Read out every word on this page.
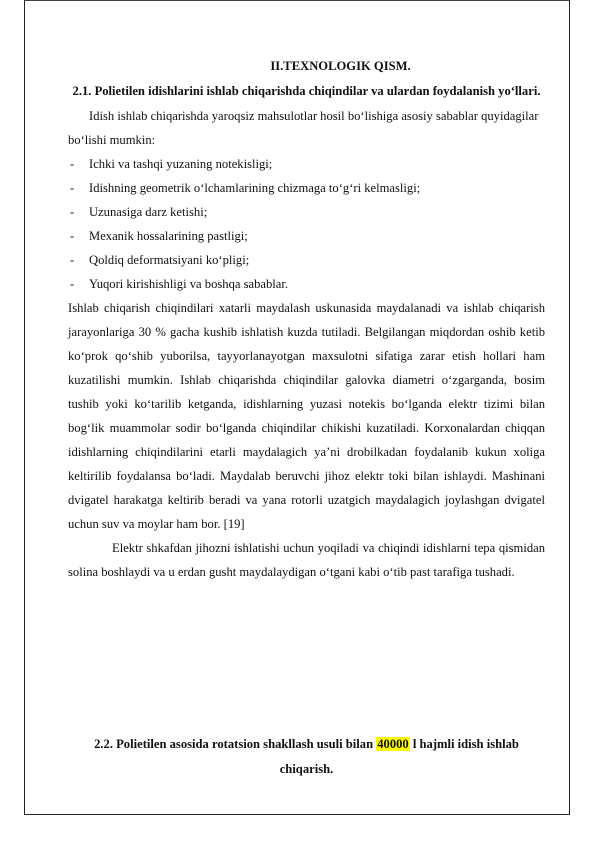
II.TEXNOLOGIK QISM.

2.1. Polietilen idishlarini ishlab chiqarishda chiqindilar va ulardan foydalanish yo‘llari.

Idish ishlab chiqarishda yaroqsiz mahsulotlar hosil bo‘lishiga asosiy sabablar quyidagilar bo‘lishi mumkin:

- Ichki va tashqi yuzaning notekisligi;
- Idishning geometrik o‘lchamlarining chizmaga to‘g‘ri kelmasligi;
- Uzunasiga darz ketishi;
- Mexanik hossalarining pastligi;
- Qoldiq deformatsiyani ko‘pligi;
- Yuqori kirishishligi va boshqa sabablar.

Ishlab chiqarish chiqindilari xatarli maydalash uskunasida maydalanadi va ishlab chiqarish jarayonlariga 30 % gacha kushib ishlatish kuzda tutiladi. Belgilangan miqdordan oshib ketib ko‘prok qo‘shib yuborilsa, tayyorlanayotgan maxsulotni sifatiga zarar etish hollari ham kuzatilishi mumkin. Ishlab chiqarishda chiqindilar galovka diametri o‘zgarganda, bosim tushib yoki ko‘tarilib ketganda, idishlarning yuzasi notekis bo‘lganda elektr tizimi bilan bog‘lik muammolar sodir bo‘lganda chiqindilar chikishi kuzatiladi. Korxonalardan chiqqan idishlarning chiqindilarini etarli maydalagich ya’ni drobilkadan foydalanib kukun xoliga keltirilib foydalansa bo‘ladi. Maydalab beruvchi jihoz elektr toki bilan ishlaydi. Mashinani dvigatel harakatga keltirib beradi va yana rotorli uzatgich maydalagich joylashgan dvigatel uchun suv va moylar ham bor. [19]

Elektr shkafdan jihozni ishlatishi uchun yoqiladi va chiqindi idishlarni tepa qismidan solina boshlaydi va u erdan gusht maydalaydigan o‘tgani kabi o‘tib past tarafiga tushadi.

2.2. Polietilen asosida rotatsion shakllash usuli bilan 40000 l hajmli idish ishlab chiqarish.
